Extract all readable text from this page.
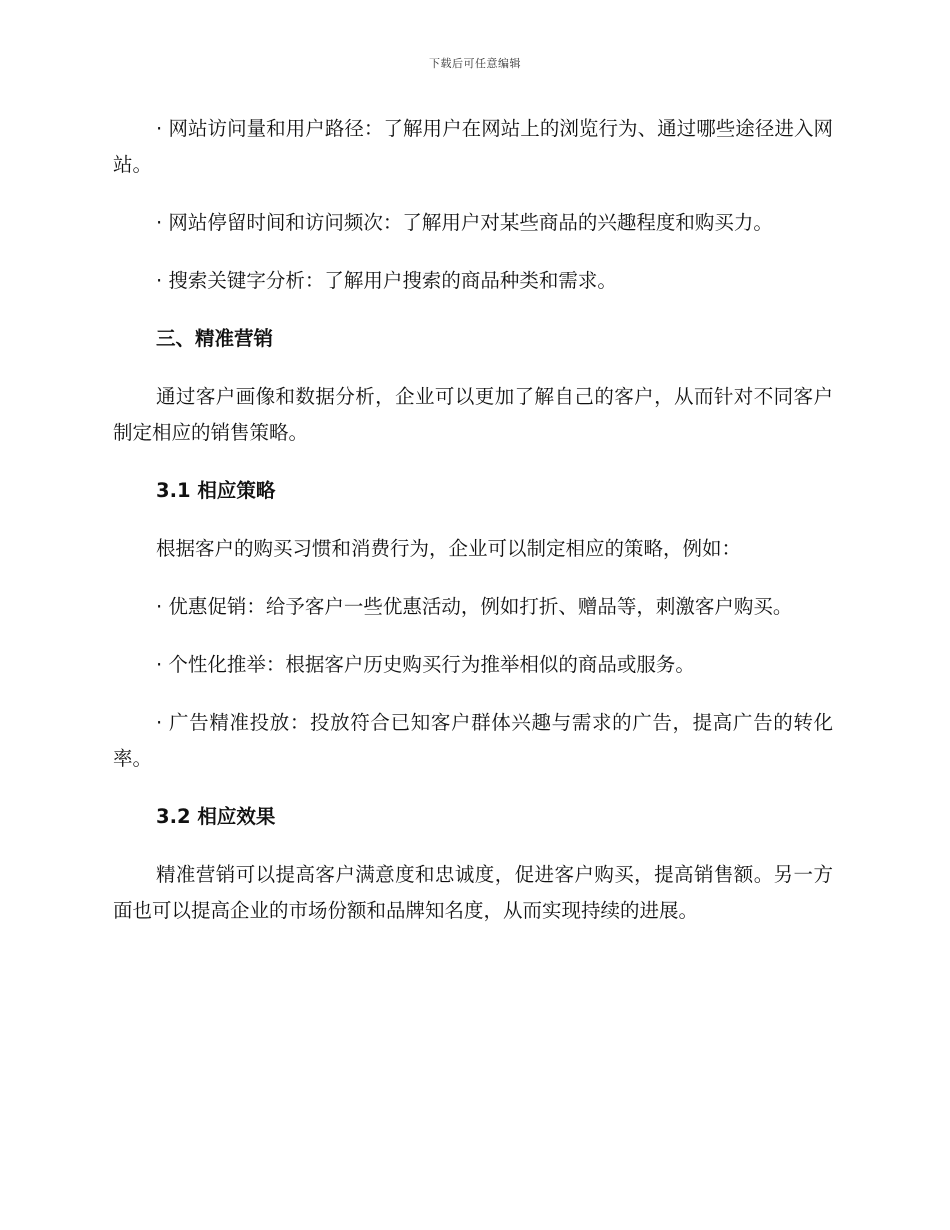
下载后可任意编辑

· 网站访问量和用户路径：了解用户在网站上的浏览行为、通过哪些途径进入网站。

· 网站停留时间和访问频次：了解用户对某些商品的兴趣程度和购买力。

· 搜索关键字分析：了解用户搜索的商品种类和需求。

三、精准营销

通过客户画像和数据分析，企业可以更加了解自己的客户，从而针对不同客户制定相应的销售策略。

3.1 相应策略

根据客户的购买习惯和消费行为，企业可以制定相应的策略，例如：

· 优惠促销：给予客户一些优惠活动，例如打折、赠品等，刺激客户购买。

· 个性化推举：根据客户历史购买行为推举相似的商品或服务。

· 广告精准投放：投放符合已知客户群体兴趣与需求的广告，提高广告的转化率。

3.2 相应效果

精准营销可以提高客户满意度和忠诚度，促进客户购买，提高销售额。另一方面也可以提高企业的市场份额和品牌知名度，从而实现持续的进展。
